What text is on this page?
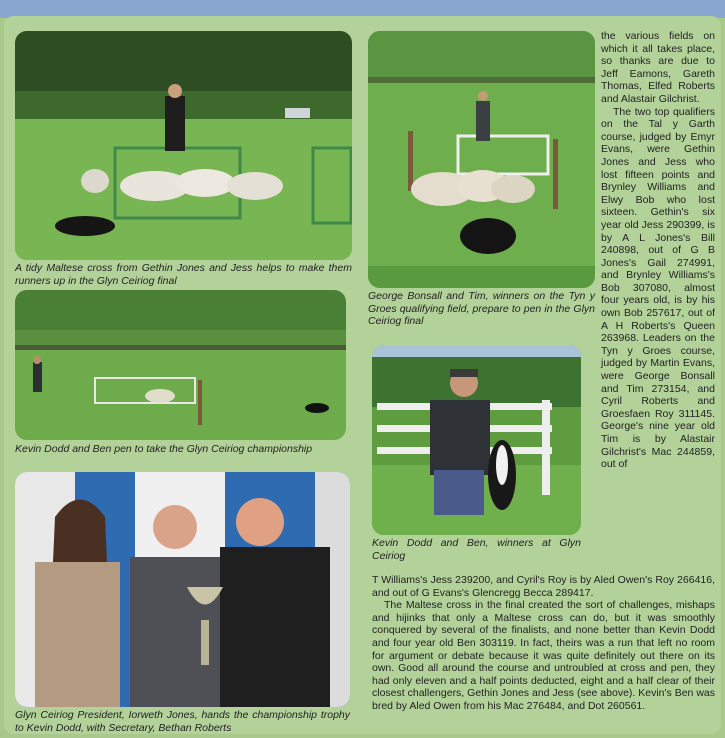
A tidy Maltese cross from Gethin Jones and Jess helps to make them runners up in the Glyn Ceiriog final
George Bonsall and Tim, winners on the Tyn y Groes qualifying field, prepare to pen in the Glyn Ceiriog final
Kevin Dodd and Ben pen to take the Glyn Ceiriog championship
Kevin Dodd and Ben, winners at Glyn Ceiriog
Glyn Ceiriog President, Iorweth Jones, hands the championship trophy to Kevin Dodd, with Secretary, Bethan Roberts

the various fields on which it all takes place, so thanks are due to Jeff Eamons, Gareth Thomas, Elfed Roberts and Alastair Gilchrist.

The two top qualifiers on the Tal y Garth course, judged by Emyr Evans, were Gethin Jones and Jess who lost fifteen points and Brynley Williams and Elwy Bob who lost sixteen. Gethin's six year old Jess 290399, is by A L Jones's Bill 240898, out of G B Jones's Gail 274991, and Brynley Williams's Bob 307080, almost four years old, is by his own Bob 257617, out of A H Roberts's Queen 263968. Leaders on the Tyn y Groes course, judged by Martin Evans, were George Bonsall and Tim 273154, and Cyril Roberts and Groesfaen Roy 311145. George's nine year old Tim is by Alastair Gilchrist's Mac 244859, out of

T Williams's Jess 239200, and Cyril's Roy is by Aled Owen's Roy 266416, and out of G Evans's Glencregg Becca 289417.

The Maltese cross in the final created the sort of challenges, mishaps and hijinks that only a Maltese cross can do, but it was smoothly conquered by several of the finalists, and none better than Kevin Dodd and four year old Ben 303119. In fact, theirs was a run that left no room for argument or debate because it was quite definitely out there on its own. Good all around the course and untroubled at cross and pen, they had only eleven and a half points deducted, eight and a half clear of their closest challengers, Gethin Jones and Jess (see above). Kevin's Ben was bred by Aled Owen from his Mac 276484, and Dot 260561.
